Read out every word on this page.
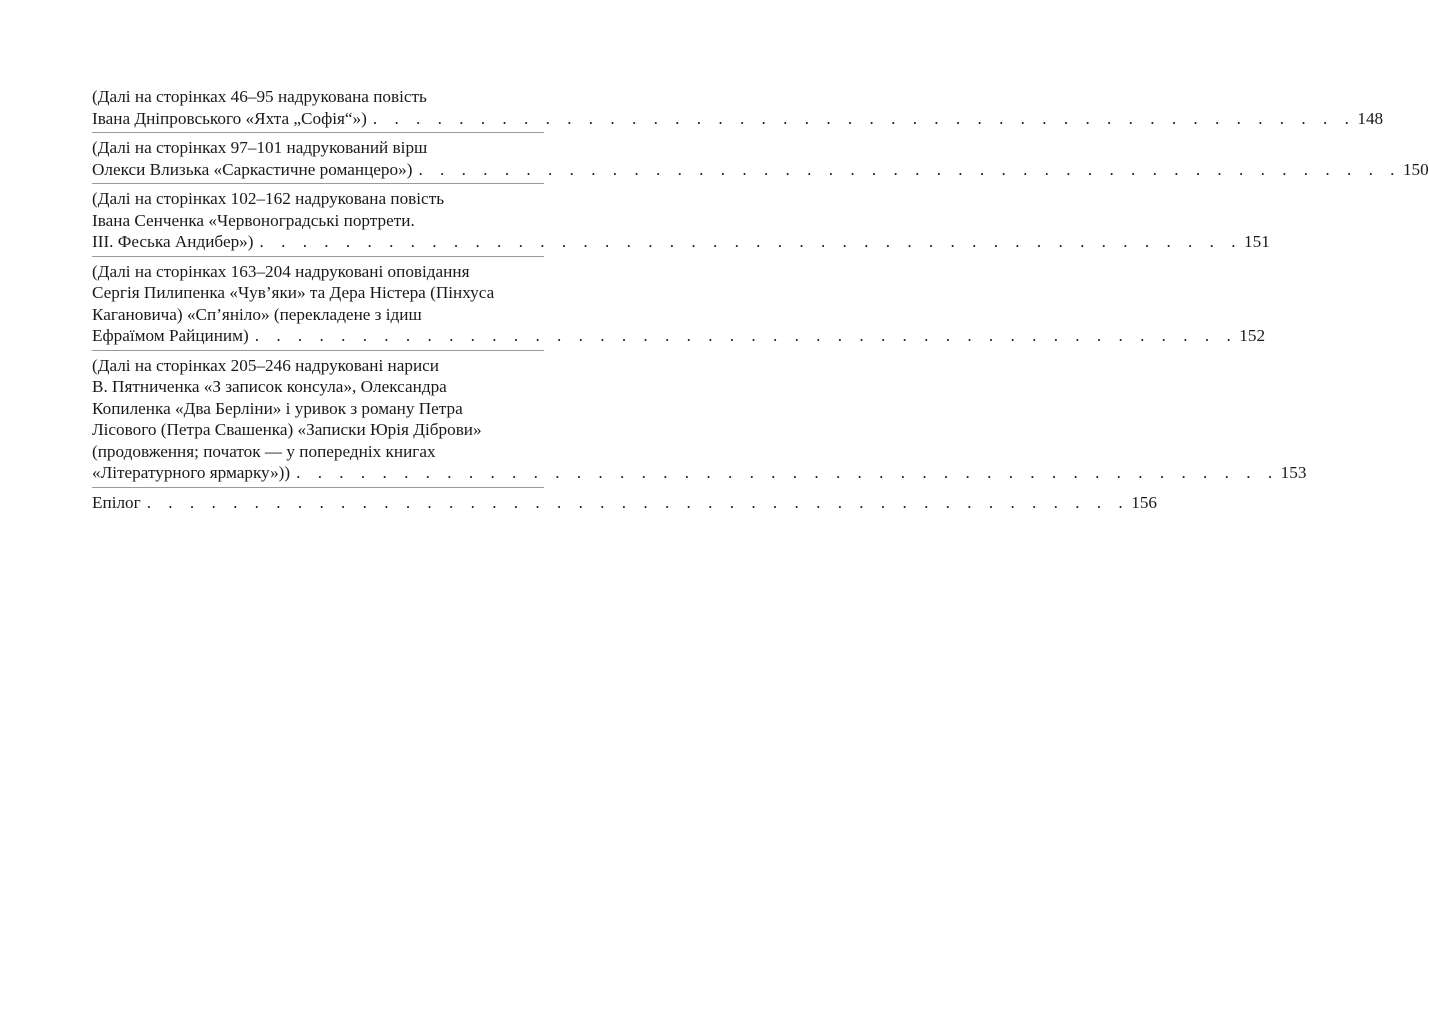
(Далі на сторінках 46–95 надрукована повість
Івана Дніпровського «Яхта „Софія“») . . . . . . . . . . . . . . . . . . . . . . . . . . . . . . . . . . . . . . . . . . . . . . 148
(Далі на сторінках 97–101 надрукований вірш
Олекси Влизька «Саркастичне романцеро») . . . . . . . . . . . . . . . . . . . . . . . . . . . . . . . . . . . . . . . . . . . . . . 150
(Далі на сторінках 102–162 надрукована повість
Івана Сенченка «Червоноградські портрети.
ІІІ. Феська Андибер») . . . . . . . . . . . . . . . . . . . . . . . . . . . . . . . . . . . . . . . . . . . . . . 151
(Далі на сторінках 163–204 надруковані оповідання
Сергія Пилипенка «Чув’яки» та Дера Ністера (Пінхуса
Кагановича) «Сп’яніло» (перекладене з ідиш
Ефраїмом Райциним) . . . . . . . . . . . . . . . . . . . . . . . . . . . . . . . . . . . . . . . . . . . . . . 152
(Далі на сторінках 205–246 надруковані нариси
В. Пятниченка «З записок консула», Олександра
Копиленка «Два Берліни» і уривок з роману Петра
Лісового (Петра Свашенка) «Записки Юрія Діброви»
(продовження; початок — у попередніх книгах
«Літературного ярмарку»)) . . . . . . . . . . . . . . . . . . . . . . . . . . . . . . . . . . . . . . . . . . . . . . 153
Епілог . . . . . . . . . . . . . . . . . . . . . . . . . . . . . . . . . . . . . . . . . . . . . . 156
